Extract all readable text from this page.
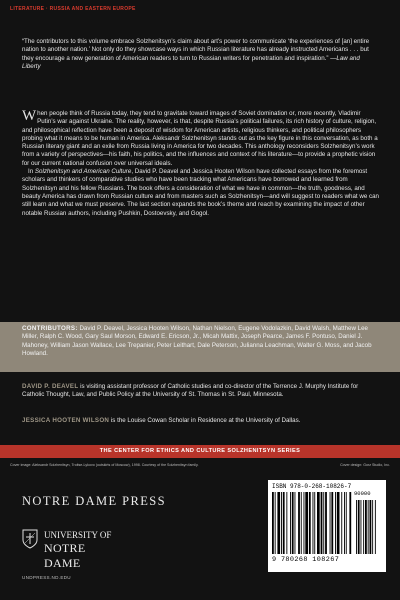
LITERATURE · RUSSIA AND EASTERN EUROPE
“The contributors to this volume embrace Solzhenitsyn’s claim about art’s power to communicate ‘the experiences of [an] entire nation to another nation.’ Not only do they showcase ways in which Russian literature has already instructed Americans . . . but they encourage a new generation of American readers to turn to Russian writers for penetration and inspiration.” —Law and Liberty

When people think of Russia today, they tend to gravitate toward images of Soviet domination or, more recently, Vladimir Putin’s war against Ukraine. The reality, however, is that, despite Russia’s political failures, its rich history of culture, religion, and philosophical reflection have been a deposit of wisdom for American artists, religious thinkers, and political philosophers probing what it means to be human in America. Aleksandr Solzhenitsyn stands out as the key figure in this conversation, as both a Russian literary giant and an exile from Russia living in America for two decades. This anthology reconsiders Solzhenitsyn’s work from a variety of perspectives—his faith, his politics, and the influences and context of his literature—to provide a prophetic vision for our current national confusion over universal ideals.

In Solzhenitsyn and American Culture, David P. Deavel and Jessica Hooten Wilson have collected essays from the foremost scholars and thinkers of comparative studies who have been tracking what Americans have borrowed and learned from Solzhenitsyn and his fellow Russians. The book offers a consideration of what we have in common—the truth, goodness, and beauty America has drawn from Russian culture and from masters such as Solzhenitsyn—and will suggest to readers what we can still learn and what we must preserve. The last section expands the book’s theme and reach by examining the impact of other notable Russian authors, including Pushkin, Dostoevsky, and Gogol.

CONTRIBUTORS: David P. Deavel, Jessica Hooten Wilson, Nathan Nielson, Eugene Vodolazkin, David Walsh, Matthew Lee Miller, Ralph C. Wood, Gary Saul Morson, Edward E. Ericson, Jr., Micah Mattix, Joseph Pearce, James F. Pontuso, Daniel J. Mahoney, William Jason Wallace, Lee Trepanier, Peter Leithart, Dale Peterson, Julianna Leachman, Walter G. Moss, and Jacob Howland.
DAVID P. DEAVEL is visiting assistant professor of Catholic studies and co-director of the Terrence J. Murphy Institute for Catholic Thought, Law, and Public Policy at the University of St. Thomas in St. Paul, Minnesota.
JESSICA HOOTEN WILSON is the Louise Cowan Scholar in Residence at the University of Dallas.
THE CENTER FOR ETHICS AND CULTURE SOLZHENITSYN SERIES
Cover image: Aleksandr Solzhenitsyn, Troitse-Lykovo (outskirts of Moscow), 1998. Courtesy of the Solzhenitsyn family.	Cover design: Gorz Studio, Inc.
NOTRE DAME PRESS
UNIVERSITY OF
NOTRE DAME
UNDPRESS.ND.EDU
ISBN 978-0-268-10826-7
90000
9 780268 108267
